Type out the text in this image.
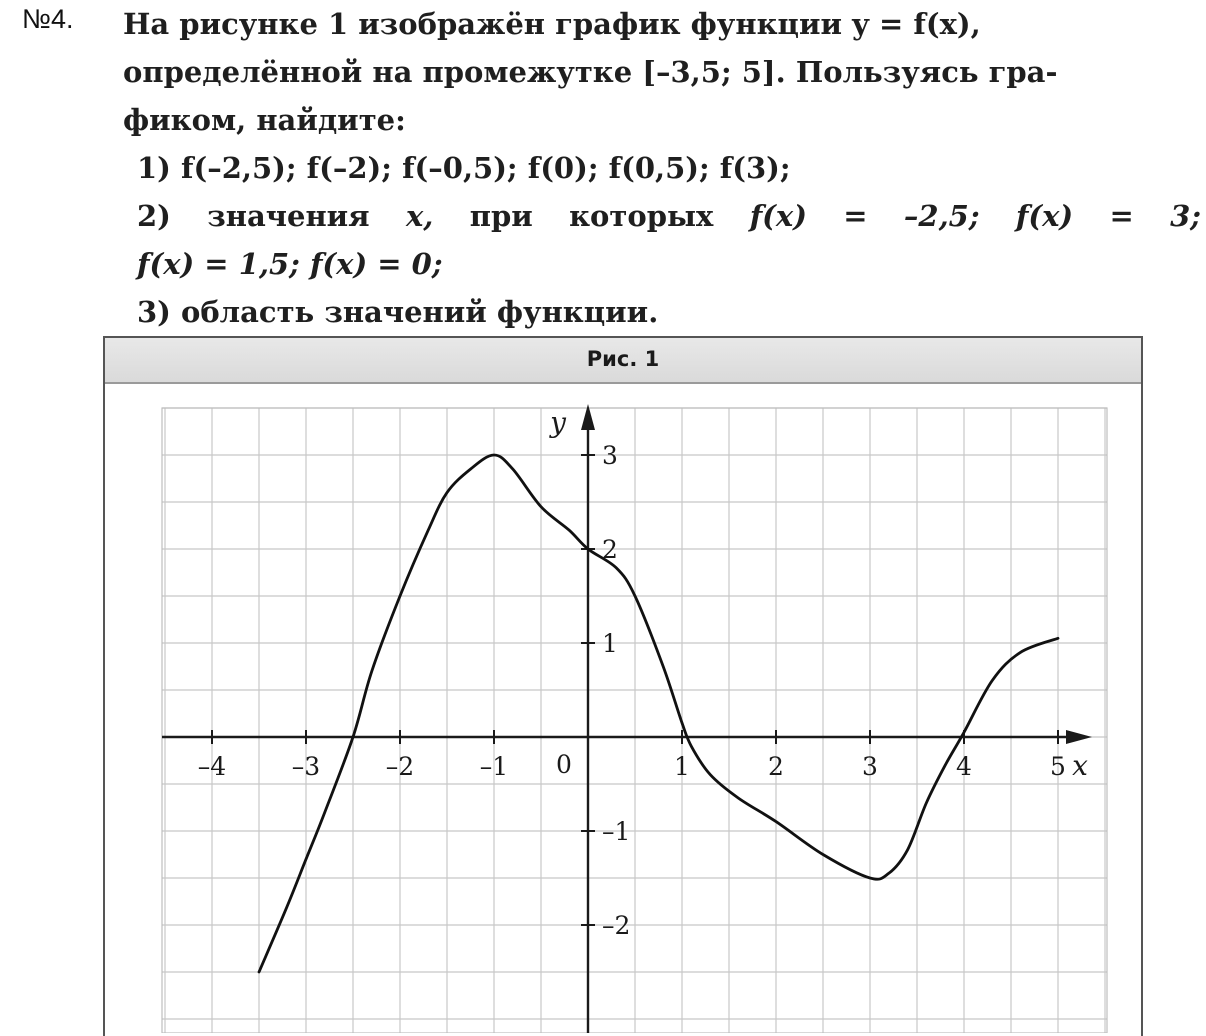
№4. На рисунке 1 изображён график функции y = f(x),
определённой на промежутке [–3,5; 5]. Пользуясь гра-
фиком, найдите:
1) f(–2,5); f(–2); f(–0,5); f(0); f(0,5); f(3);
2) значения x, при которых f(x) = –2,5; f(x) = 3;
f(x) = 1,5; f(x) = 0;
3) область значений функции.
Рис. 1
–4	–3	–2	–1	1	2	3	4	5
0
3
2
1
–1
–2
x
y
